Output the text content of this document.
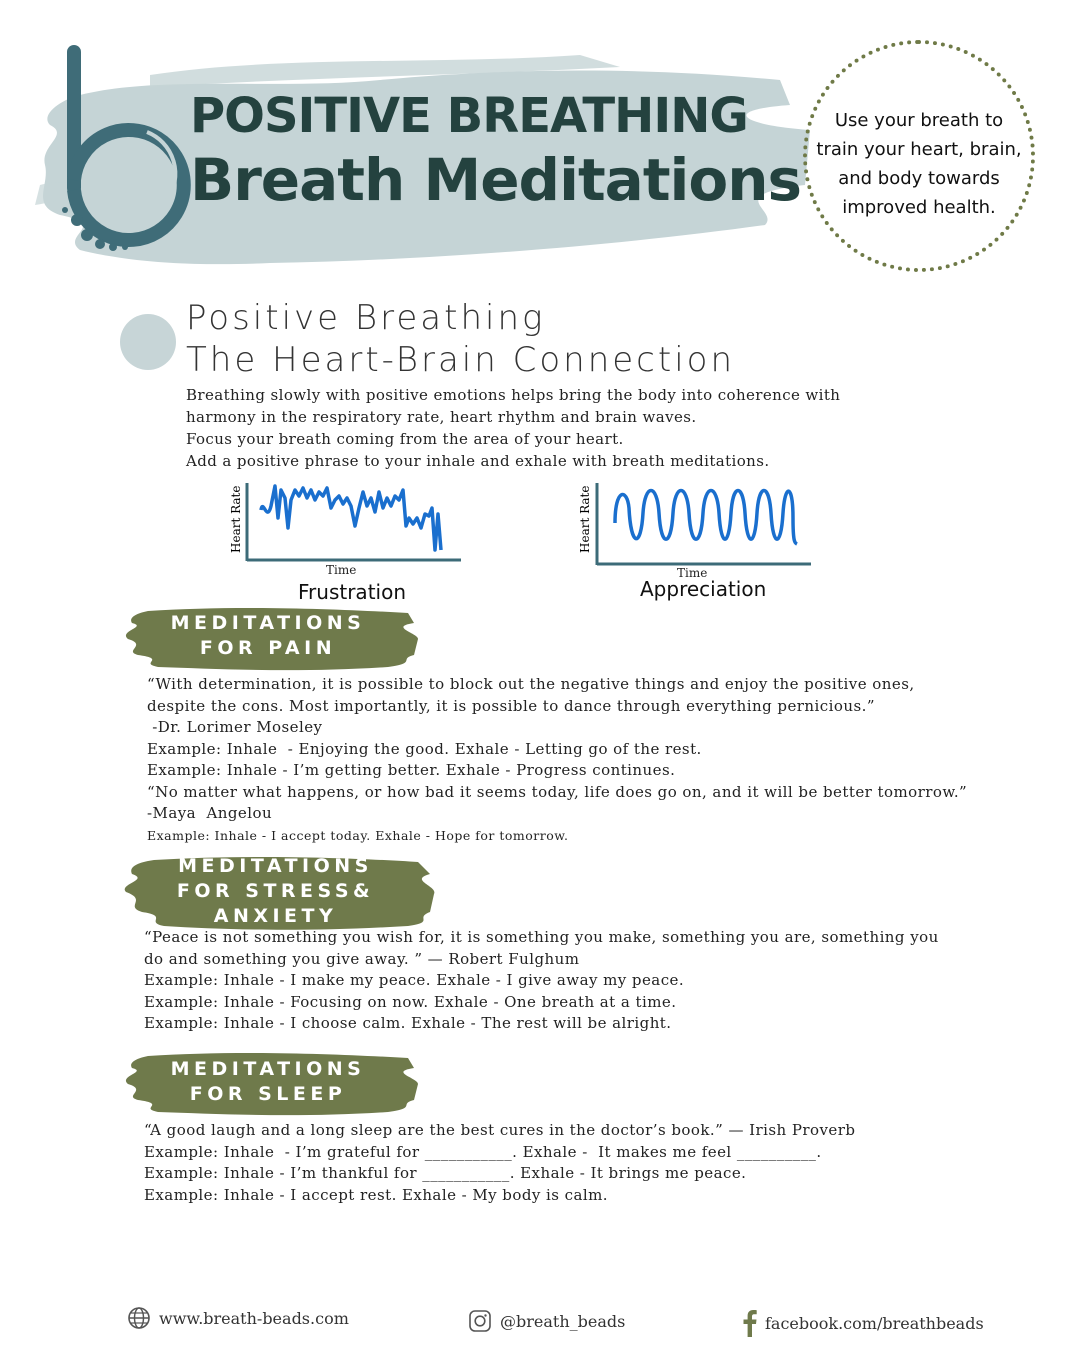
POSITIVE BREATHING
Breath Meditations
Use your breath to
train your heart, brain,
and body towards
improved health.
Positive Breathing
The Heart-Brain Connection

Breathing slowly with positive emotions helps bring the body into coherence with

harmony in the respiratory rate, heart rhythm and brain waves.

Focus your breath coming from the area of your heart.

Add a positive phrase to your inhale and exhale with breath meditations.

Heart Rate
Time
Frustration
Heart Rate
Time
Appreciation
MEDITATIONS
FOR PAIN

“With determination, it is possible to block out the negative things and enjoy the positive ones,

despite the cons. Most importantly, it is possible to dance through everything pernicious.”

-Dr. Lorimer Moseley

Example: Inhale  - Enjoying the good. Exhale - Letting go of the rest.

Example: Inhale - I’m getting better. Exhale - Progress continues.

“No matter what happens, or how bad it seems today, life does go on, and it will be better tomorrow.”

-Maya  Angelou

Example: Inhale - I accept today. Exhale - Hope for tomorrow.

MEDITATIONS
FOR STRESS&
ANXIETY

“Peace is not something you wish for, it is something you make, something you are, something you

do and something you give away. ” — Robert Fulghum

Example: Inhale - I make my peace. Exhale - I give away my peace.

Example: Inhale - Focusing on now. Exhale - One breath at a time.

Example: Inhale - I choose calm. Exhale - The rest will be alright.

MEDITATIONS
FOR SLEEP

“A good laugh and a long sleep are the best cures in the doctor’s book.” — Irish Proverb

Example: Inhale  - I’m grateful for ___________. Exhale -  It makes me feel __________.

Example: Inhale - I’m thankful for ___________. Exhale - It brings me peace.

Example: Inhale - I accept rest. Exhale - My body is calm.

www.breath-beads.com	@breath_beads	facebook.com/breathbeads
